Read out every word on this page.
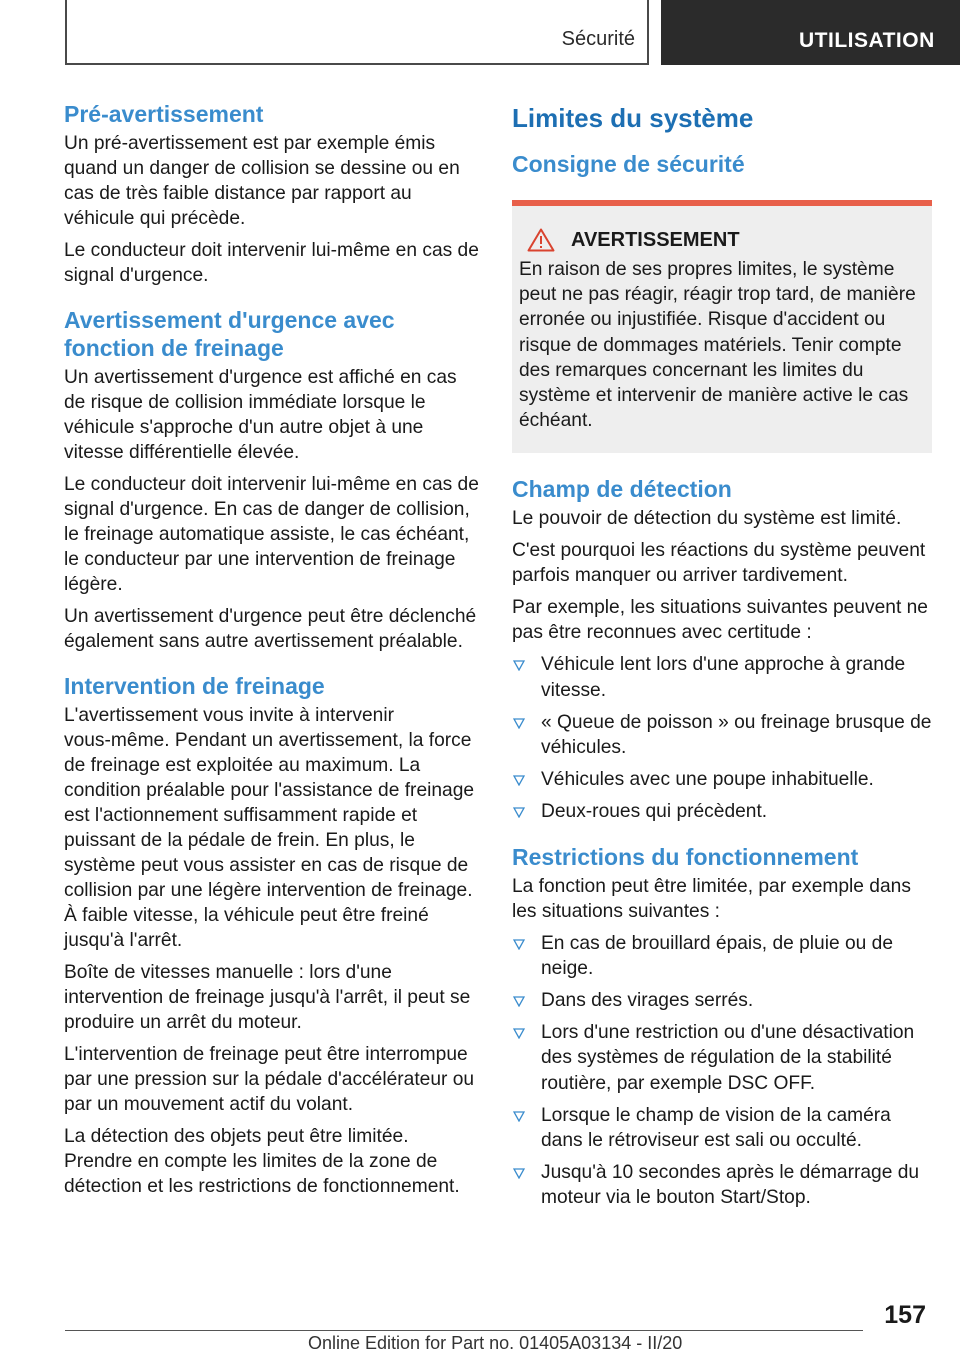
Sécurité	UTILISATION
Pré‑avertissement

Un pré‑avertissement est par exemple émis quand un danger de collision se dessine ou en cas de très faible distance par rapport au véhicule qui précède.

Le conducteur doit intervenir lui‑même en cas de signal d'urgence.

Avertissement d'urgence avec fonction de freinage

Un avertissement d'urgence est affiché en cas de risque de collision immédiate lorsque le véhicule s'approche d'un autre objet à une vitesse différentielle élevée.

Le conducteur doit intervenir lui‑même en cas de signal d'urgence. En cas de danger de collision, le freinage automatique assiste, le cas échéant, le conducteur par une intervention de freinage légère.

Un avertissement d'urgence peut être déclenché également sans autre avertissement préalable.

Intervention de freinage

L'avertissement vous invite à intervenir vous‑même. Pendant un avertissement, la force de freinage est exploitée au maximum. La condition préalable pour l'assistance de freinage est l'actionnement suffisamment rapide et puissant de la pédale de frein. En plus, le système peut vous assister en cas de risque de collision par une légère intervention de freinage. À faible vitesse, la véhicule peut être freiné jusqu'à l'arrêt.

Boîte de vitesses manuelle : lors d'une intervention de freinage jusqu'à l'arrêt, il peut se produire un arrêt du moteur.

L'intervention de freinage peut être interrompue par une pression sur la pédale d'accélérateur ou par un mouvement actif du volant.

La détection des objets peut être limitée. Prendre en compte les limites de la zone de détection et les restrictions de fonctionnement.

Limites du système
Consigne de sécurité
AVERTISSEMENT

En raison de ses propres limites, le système peut ne pas réagir, réagir trop tard, de manière erronée ou injustifiée. Risque d'accident ou risque de dommages matériels. Tenir compte des remarques concernant les limites du système et intervenir de manière active le cas échéant.

Champ de détection

Le pouvoir de détection du système est limité.

C'est pourquoi les réactions du système peuvent parfois manquer ou arriver tardivement.

Par exemple, les situations suivantes peuvent ne pas être reconnues avec certitude :

Véhicule lent lors d'une approche à grande vitesse.
« Queue de poisson » ou freinage brusque de véhicules.
Véhicules avec une poupe inhabituelle.
Deux‑roues qui précèdent.
Restrictions du fonctionnement

La fonction peut être limitée, par exemple dans les situations suivantes :

En cas de brouillard épais, de pluie ou de neige.
Dans des virages serrés.
Lors d'une restriction ou d'une désactivation des systèmes de régulation de la stabilité routière, par exemple DSC OFF.
Lorsque le champ de vision de la caméra dans le rétroviseur est sali ou occulté.
Jusqu'à 10 secondes après le démarrage du moteur via le bouton Start/Stop.
157
Online Edition for Part no. 01405A03134 - II/20
